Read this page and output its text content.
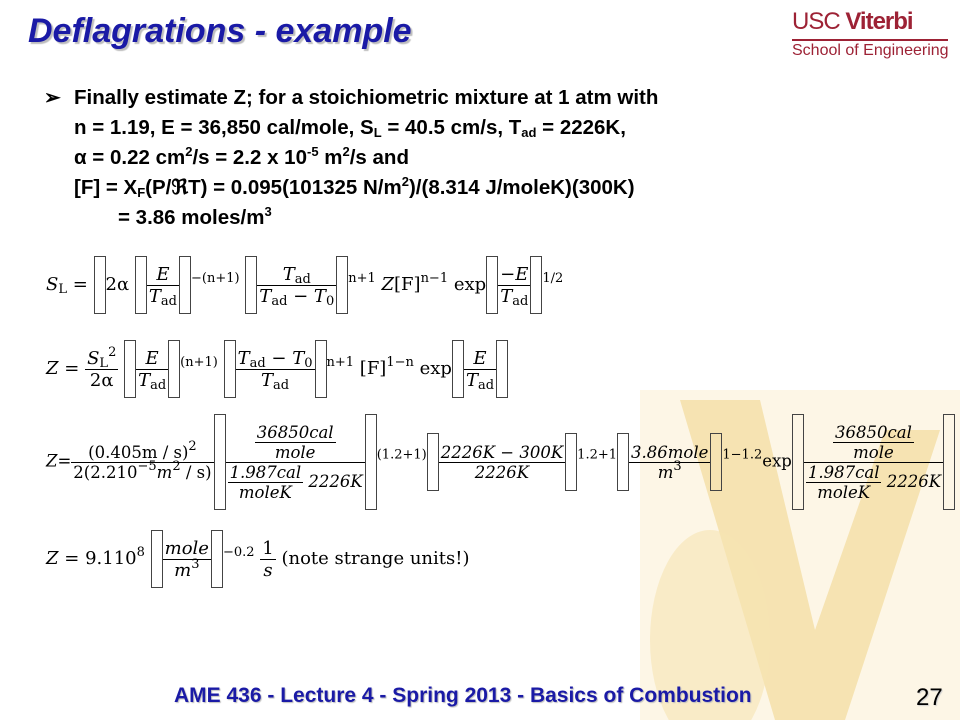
Deflagrations - example	USC Viterbi
School of Engineering
➢ Finally estimate Z; for a stoichiometric mixture at 1 atm with
n = 1.19, E = 36,850 cal/mole, $S_L = 40.5$ cm/s, $T_{ad} = 2226K$,
α = 0.22 $cm^2/s = 2.2$ x $10^{-5}$ $m^2/s$ and
$[F] = X_F(P/ℜT) = 0.095(101325$ $N/m^2)/(8.314$ J/moleK)(300K)
= 3.86 moles/$m^3$
$S_L = 2\alpha \frac{E}{T_{ad}} ^{-(n+1)} \frac{T_{ad}}{T_{ad} - T_0} ^{n+1}$ $Z[F]^{n-1}$ $\exp \frac{-E}{T_{ad}} ^{1/2}$
$Z = \frac{S_L^2}{2\alpha}$
$\frac{E}{T_{ad}} ^{(n+1)} \frac{T_{ad} - T_0}{T_{ad}} ^{n+1}$ $[F]^{1-n}$ $\exp \frac{E}{T_{ad}}$
$Z= \frac{(0.405m / s)^2}{2(2.210^{-5}m^2 / s)} \frac{\frac{\text{36850cal}}{\text{mole}}}{\frac{\text{1.987cal}}{\text{moleK}} 2226K} ^{(1.2+1)} \frac{2226K - 300K}{2226K} ^{1.2+1} \frac{\text{3.86mole}}{m^3} ^{1-1.2}\exp \frac{\frac{\text{36850cal}}{\text{mole}}}{\frac{\text{1.987cal}}{\text{moleK}} 2226K}$
$Z = 9.110^8 \frac{\text{mole}}{m^3} ^{-0.2} \frac{1}{s}$ (note strange units!)
AME 436 - Lecture 4 - Spring 2013 - Basics of Combustion	27
